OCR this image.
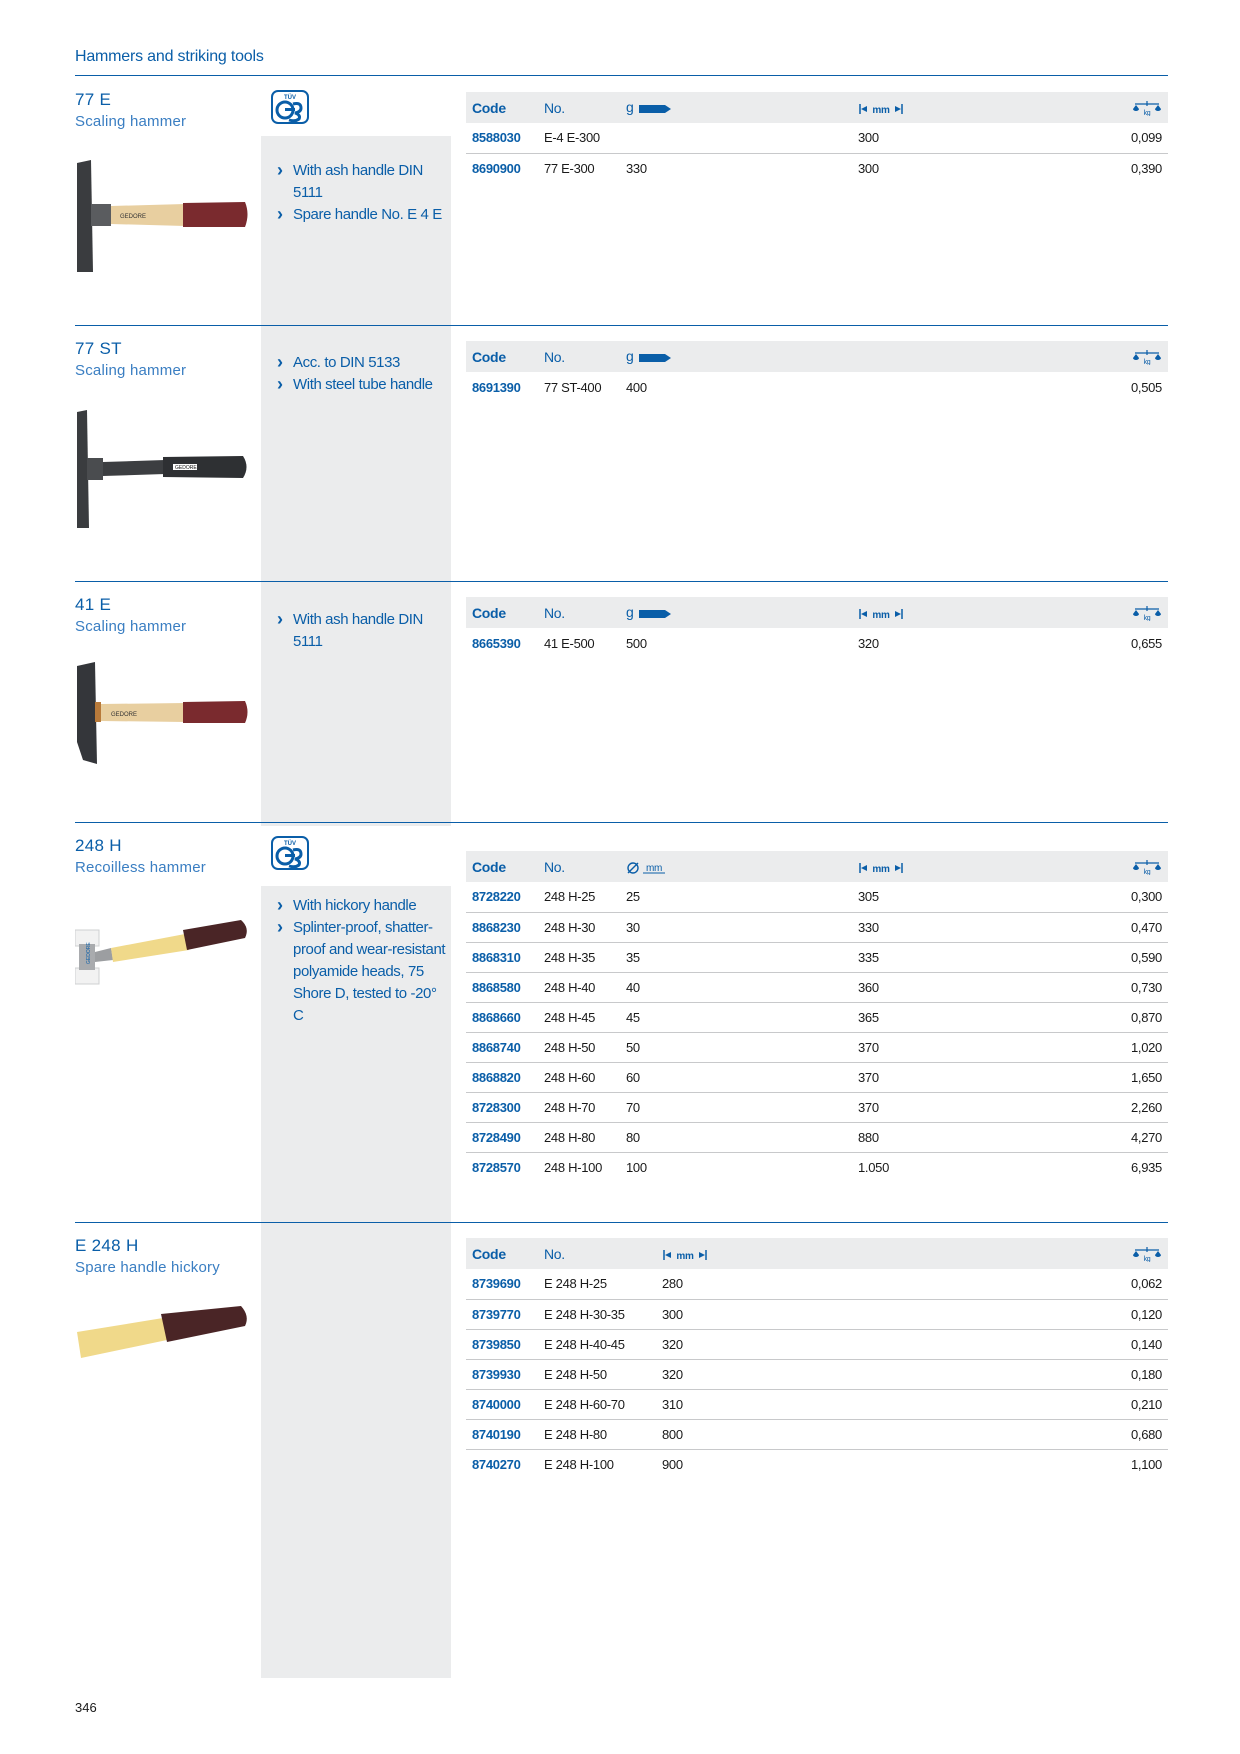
Hammers and striking tools
77 E
Scaling hammer
GEDORE
› With ash handle DIN 5111
› Spare handle No. E 4 E
Code	No.	g		
8588030	E-4 E-300		300	0,099
8690900	77 E-300	330	300	0,390
77 ST
Scaling hammer
GEDORE
› Acc. to DIN 5133
› With steel tube handle
Code	No.	g	
8691390	77 ST-400	400	0,505
41 E
Scaling hammer
GEDORE
› With ash handle DIN 5111
Code	No.	g		
8665390	41 E-500	500	320	0,655
248 H
Recoilless hammer
GEDORE
› With hickory handle
› Splinter-proof, shatter-proof and wear-resistant polyamide heads, 75 Shore D, tested to -20° C
Code	No.			
8728220	248 H-25	25	305	0,300
8868230	248 H-30	30	330	0,470
8868310	248 H-35	35	335	0,590
8868580	248 H-40	40	360	0,730
8868660	248 H-45	45	365	0,870
8868740	248 H-50	50	370	1,020
8868820	248 H-60	60	370	1,650
8728300	248 H-70	70	370	2,260
8728490	248 H-80	80	880	4,270
8728570	248 H-100	100	1.050	6,935
E 248 H
Spare handle hickory
Code	No.		
8739690	E 248 H-25	280	0,062
8739770	E 248 H-30-35	300	0,120
8739850	E 248 H-40-45	320	0,140
8739930	E 248 H-50	320	0,180
8740000	E 248 H-60-70	310	0,210
8740190	E 248 H-80	800	0,680
8740270	E 248 H-100	900	1,100
346
